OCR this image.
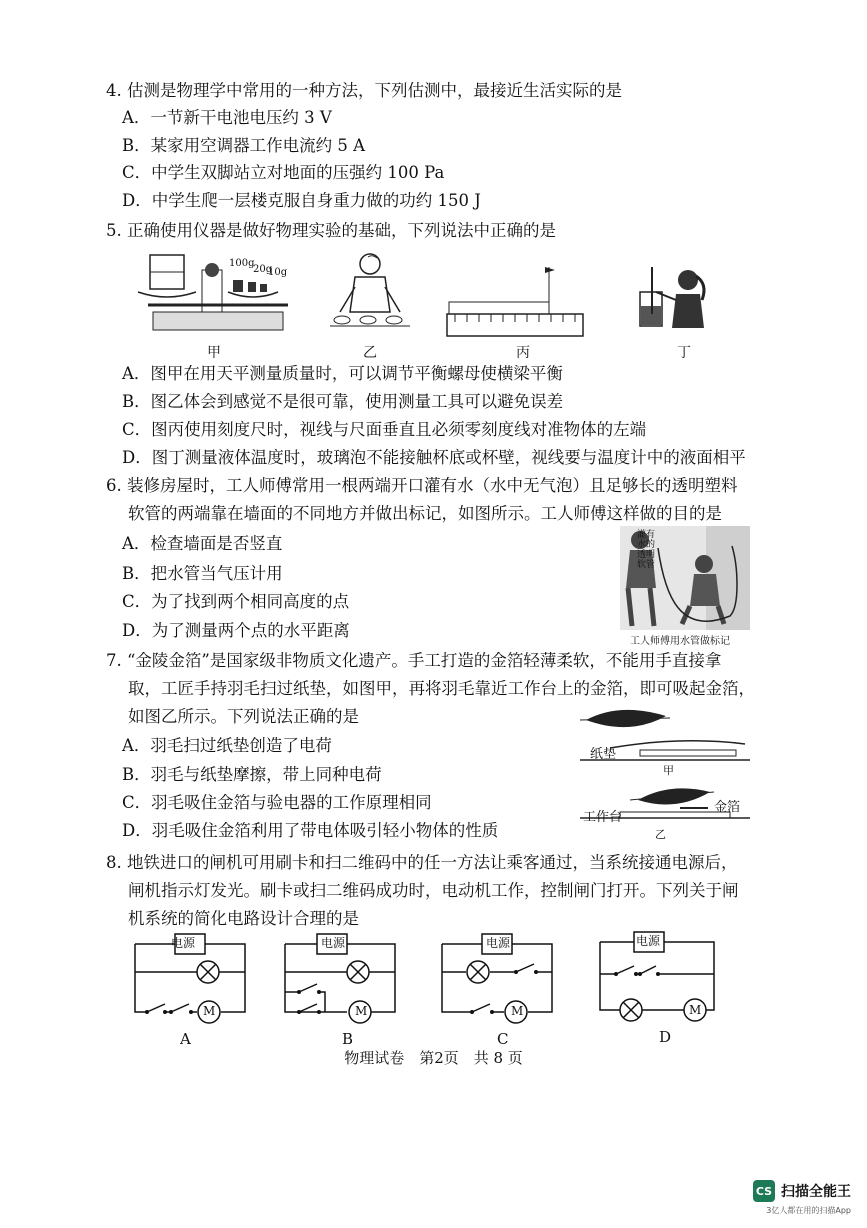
4. 估测是物理学中常用的一种方法，下列估测中，最接近生活实际的是
A．一节新干电池电压约 3 V
B．某家用空调器工作电流约 5 A
C．中学生双脚站立对地面的压强约 100 Pa
D．中学生爬一层楼克服自身重力做的功约 150 J
5. 正确使用仪器是做好物理实验的基础，下列说法中正确的是
100g
20g
10g
甲	乙	丙	丁
A．图甲在用天平测量质量时，可以调节平衡螺母使横梁平衡
B．图乙体会到感觉不是很可靠，使用测量工具可以避免误差
C．图丙使用刻度尺时，视线与尺面垂直且必须零刻度线对准物体的左端
D．图丁测量液体温度时，玻璃泡不能接触杯底或杯壁，视线要与温度计中的液面相平
6. 装修房屋时，工人师傅常用一根两端开口灌有水（水中无气泡）且足够长的透明塑料
软管的两端靠在墙面的不同地方并做出标记，如图所示。工人师傅这样做的目的是
A．检查墙面是否竖直
B．把水管当气压计用
C．为了找到两个相同高度的点
D．为了测量两个点的水平距离
灌有水的透明软管
工人师傅用水管做标记
7. “金陵金箔”是国家级非物质文化遗产。手工打造的金箔轻薄柔软，不能用手直接拿
取，工匠手持羽毛扫过纸垫，如图甲，再将羽毛靠近工作台上的金箔，即可吸起金箔，
如图乙所示。下列说法正确的是
A．羽毛扫过纸垫创造了电荷
B．羽毛与纸垫摩擦，带上同种电荷
C．羽毛吸住金箔与验电器的工作原理相同
D．羽毛吸住金箔利用了带电体吸引轻小物体的性质
纸垫
甲
工作台
金箔
乙
8. 地铁进口的闸机可用刷卡和扫二维码中的任一方法让乘客通过，当系统接通电源后，
闸机指示灯发光。刷卡或扫二维码成功时，电动机工作，控制闸门打开。下列关于闸
机系统的简化电路设计合理的是
电源
M
A
电源
M
B
电源
M
C
电源
M
D
物理试卷　第2页　共 8 页
CS 扫描全能王
3亿人都在用的扫描App
